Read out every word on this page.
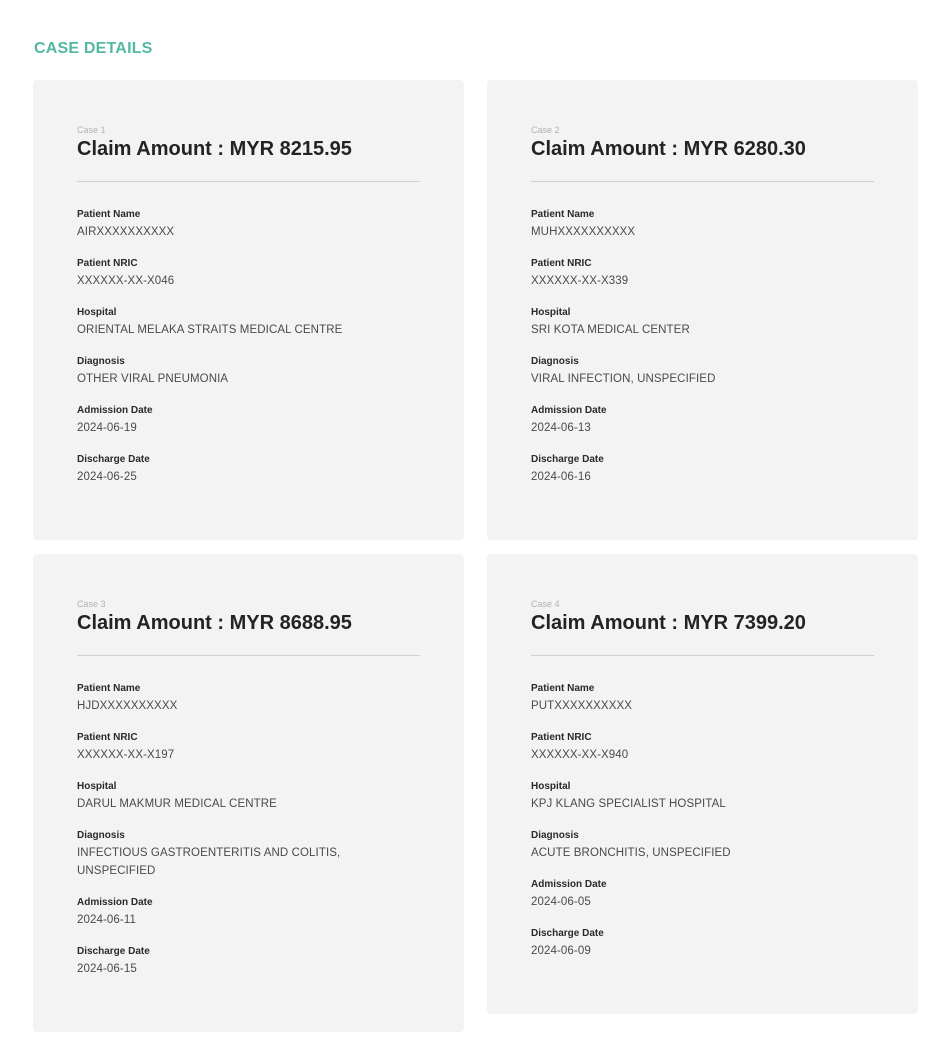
CASE DETAILS
Case 1
Claim Amount : MYR 8215.95
Patient Name
AIRXXXXXXXXXX
Patient NRIC
XXXXXX-XX-X046
Hospital
ORIENTAL MELAKA STRAITS MEDICAL CENTRE
Diagnosis
OTHER VIRAL PNEUMONIA
Admission Date
2024-06-19
Discharge Date
2024-06-25
Case 2
Claim Amount : MYR 6280.30
Patient Name
MUHXXXXXXXXXX
Patient NRIC
XXXXXX-XX-X339
Hospital
SRI KOTA MEDICAL CENTER
Diagnosis
VIRAL INFECTION, UNSPECIFIED
Admission Date
2024-06-13
Discharge Date
2024-06-16
Case 3
Claim Amount : MYR 8688.95
Patient Name
HJDXXXXXXXXXX
Patient NRIC
XXXXXX-XX-X197
Hospital
DARUL MAKMUR MEDICAL CENTRE
Diagnosis
INFECTIOUS GASTROENTERITIS AND COLITIS, UNSPECIFIED
Admission Date
2024-06-11
Discharge Date
2024-06-15
Case 4
Claim Amount : MYR 7399.20
Patient Name
PUTXXXXXXXXXX
Patient NRIC
XXXXXX-XX-X940
Hospital
KPJ KLANG SPECIALIST HOSPITAL
Diagnosis
ACUTE BRONCHITIS, UNSPECIFIED
Admission Date
2024-06-05
Discharge Date
2024-06-09
